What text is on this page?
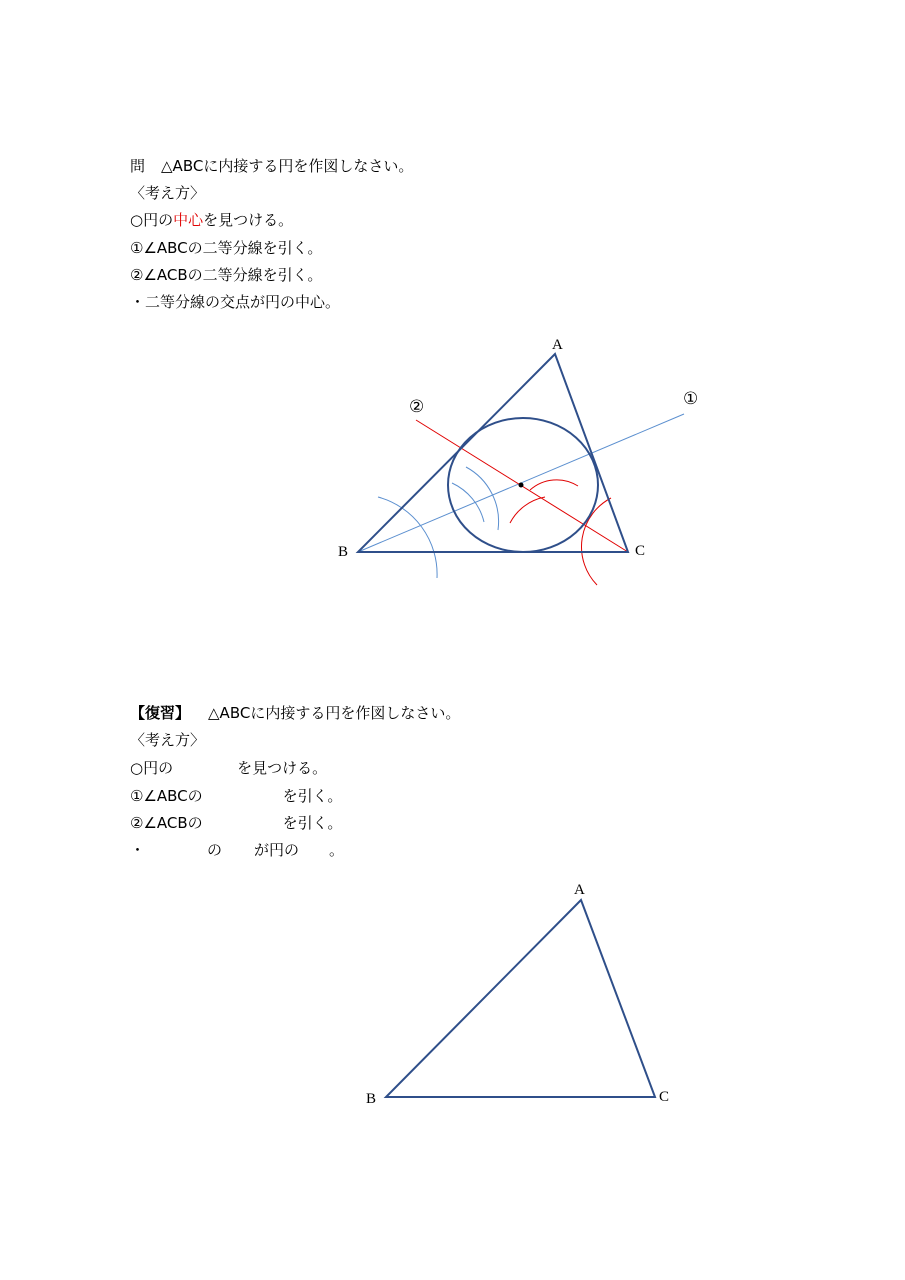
問 △ABCに内接する円を作図しなさい。
〈考え方〉
○円の中心を見つける。
①∠ABCの二等分線を引く。
②∠ACBの二等分線を引く。
・二等分線の交点が円の中心。
【復習】 △ABCに内接する円を作図しなさい。
〈考え方〉
○円の	を見つける。
①∠ABCの	を引く。
②∠ACBの	を引く。
・	の が円の 。
A
B	C
①
②
A
B	C
